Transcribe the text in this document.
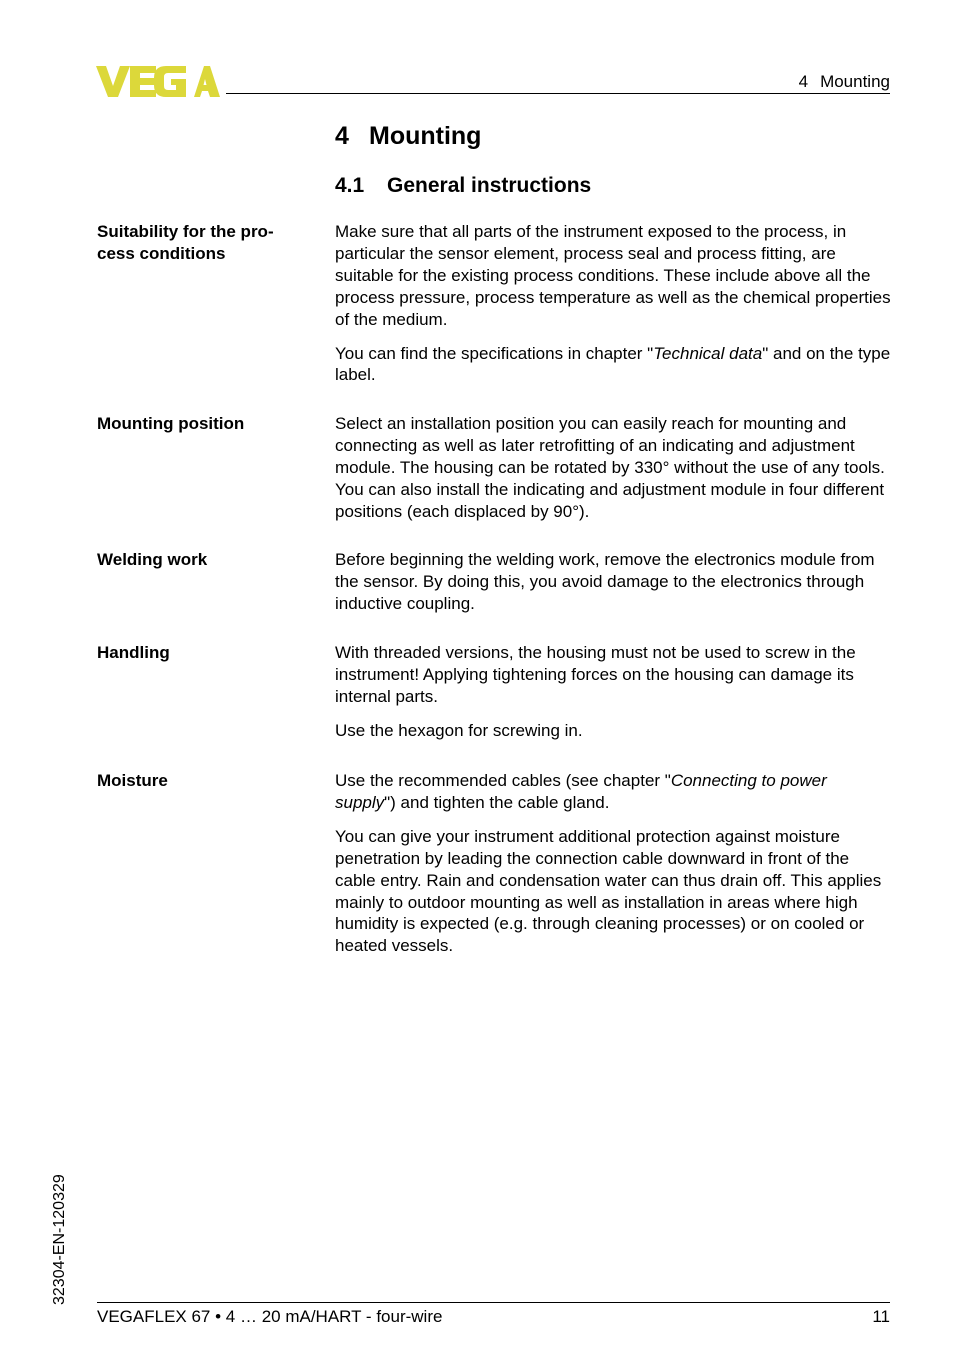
4 Mounting
4 Mounting
4.1 General instructions
Suitability for the pro-
cess conditions

Make sure that all parts of the instrument exposed to the process, in particular the sensor element, process seal and process fitting, are suitable for the existing process conditions. These include above all the process pressure, process temperature as well as the chemical properties of the medium.

You can find the specifications in chapter "Technical data" and on the type label.

Mounting position	Select an installation position you can easily reach for mounting and connecting as well as later retrofitting of an indicating and adjustment module. The housing can be rotated by 330° without the use of any tools. You can also install the indicating and adjustment module in four different positions (each displaced by 90°).

Welding work	Before beginning the welding work, remove the electronics module from the sensor. By doing this, you avoid damage to the electronics through inductive coupling.

Handling	With threaded versions, the housing must not be used to screw in the instrument! Applying tightening forces on the housing can damage its internal parts.

Use the hexagon for screwing in.

Moisture	Use the recommended cables (see chapter "Connecting to power supply") and tighten the cable gland.

You can give your instrument additional protection against moisture penetration by leading the connection cable downward in front of the cable entry. Rain and condensation water can thus drain off. This applies mainly to outdoor mounting as well as installation in areas where high humidity is expected (e.g. through cleaning processes) or on cooled or heated vessels.

32304-EN-120329
VEGAFLEX 67 • 4 … 20 mA/HART - four-wire	11
